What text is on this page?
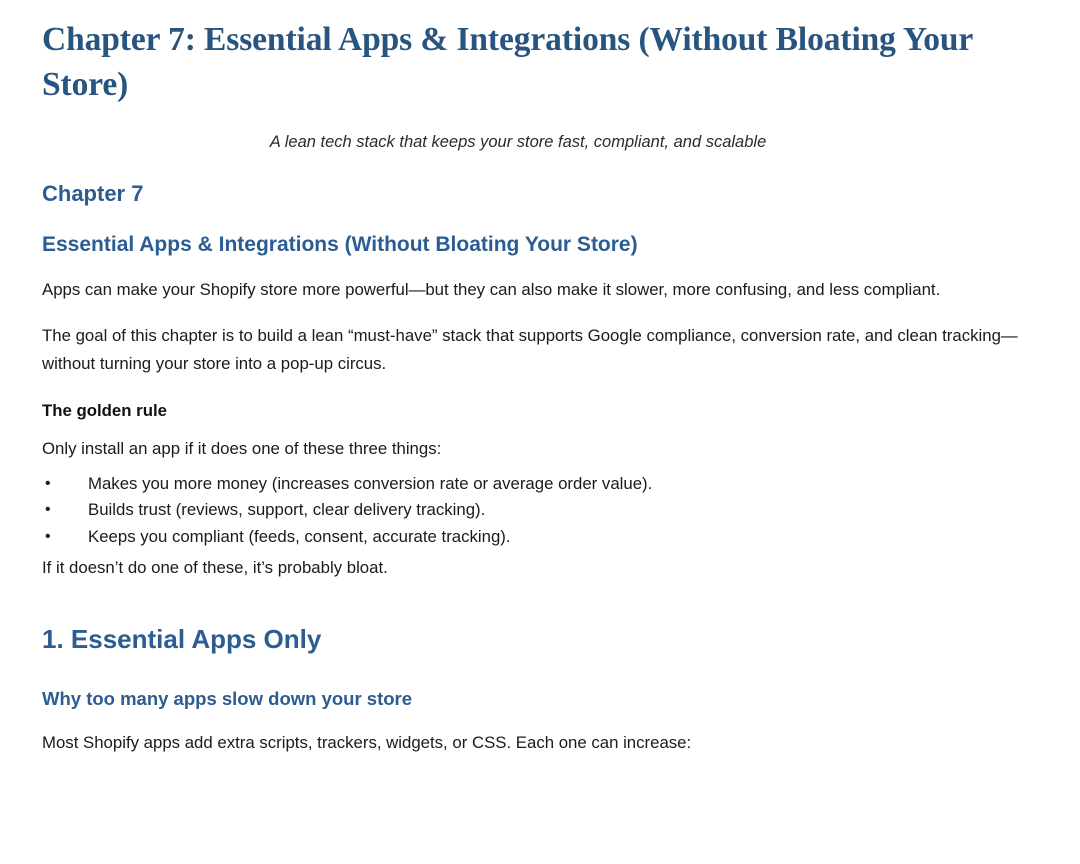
Chapter 7: Essential Apps & Integrations (Without Bloating Your Store)
A lean tech stack that keeps your store fast, compliant, and scalable
Chapter 7
Essential Apps & Integrations (Without Bloating Your Store)

Apps can make your Shopify store more powerful—but they can also make it slower, more confusing, and less compliant.

The goal of this chapter is to build a lean “must-have” stack that supports Google compliance, conversion rate, and clean tracking—without turning your store into a pop-up circus.

The golden rule

Only install an app if it does one of these three things:

• Makes you more money (increases conversion rate or average order value).
• Builds trust (reviews, support, clear delivery tracking).
• Keeps you compliant (feeds, consent, accurate tracking).

If it doesn’t do one of these, it’s probably bloat.

1. Essential Apps Only
Why too many apps slow down your store

Most Shopify apps add extra scripts, trackers, widgets, or CSS. Each one can increase:
